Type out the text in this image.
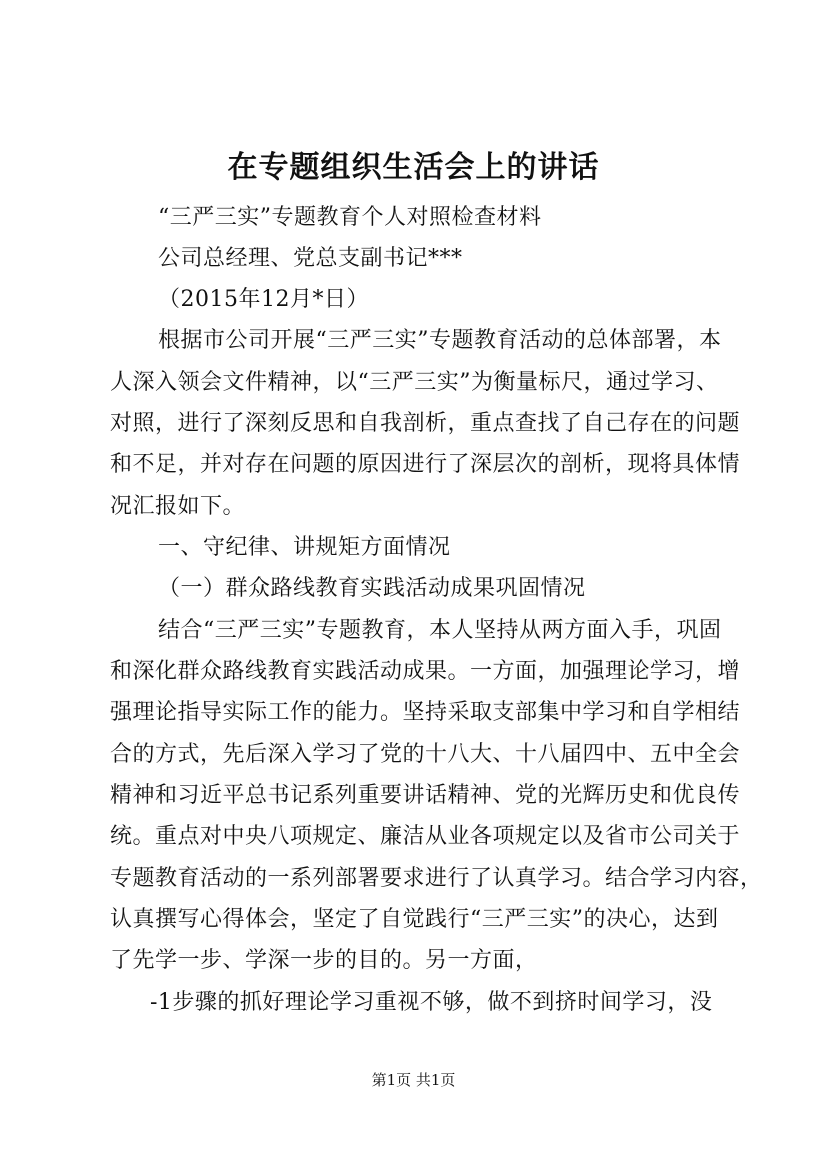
在专题组织生活会上的讲话
“三严三实”专题教育个人对照检查材料
公司总经理、党总支副书记***
（2015年12月*日）
根据市公司开展“三严三实”专题教育活动的总体部署，本
人深入领会文件精神，以“三严三实”为衡量标尺，通过学习、
对照，进行了深刻反思和自我剖析，重点查找了自己存在的问题
和不足，并对存在问题的原因进行了深层次的剖析，现将具体情
况汇报如下。
一、守纪律、讲规矩方面情况
（一）群众路线教育实践活动成果巩固情况
结合“三严三实”专题教育，本人坚持从两方面入手，巩固
和深化群众路线教育实践活动成果。一方面，加强理论学习，增
强理论指导实际工作的能力。坚持采取支部集中学习和自学相结
合的方式，先后深入学习了党的十八大、十八届四中、五中全会
精神和习近平总书记系列重要讲话精神、党的光辉历史和优良传
统。重点对中央八项规定、廉洁从业各项规定以及省市公司关于
专题教育活动的一系列部署要求进行了认真学习。结合学习内容，
认真撰写心得体会，坚定了自觉践行“三严三实”的决心，达到
了先学一步、学深一步的目的。另一方面，
-1步骤的抓好理论学习重视不够，做不到挤时间学习，没
第1页 共1页
